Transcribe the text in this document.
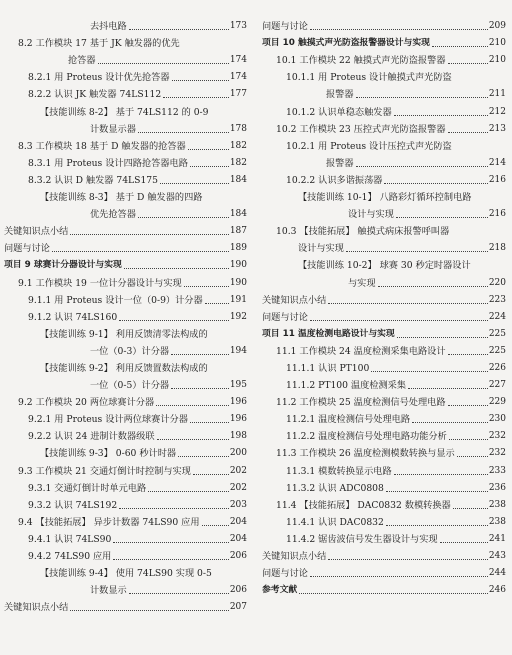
去抖电路	173
8.2 工作模块 17 基于 JK 触发器的优先
抢答器	174
8.2.1 用 Proteus 设计优先抢答器	174
8.2.2 认识 JK 触发器 74LS112	177
【技能训练 8-2】 基于 74LS112 的 0-9
计数显示器	178
8.3 工作模块 18 基于 D 触发器的抢答器	182
8.3.1 用 Proteus 设计四路抢答器电路	182
8.3.2 认识 D 触发器 74LS175	184
【技能训练 8-3】 基于 D 触发器的四路
优先抢答器	184
关键知识点小结	187
问题与讨论	189
项目 9 球赛计分器设计与实现	190
9.1 工作模块 19 一位计分器设计与实现	190
9.1.1 用 Proteus 设计一位（0-9）计分器	191
9.1.2 认识 74LS160	192
【技能训练 9-1】 利用反馈清零法构成的
一位（0-3）计分器	194
【技能训练 9-2】 利用反馈置数法构成的
一位（0-5）计分器	195
9.2 工作模块 20 两位球赛计分器	196
9.2.1 用 Proteus 设计两位球赛计分器	196
9.2.2 认识 24 进制计数器级联	198
【技能训练 9-3】 0-60 秒计时器	200
9.3 工作模块 21 交通灯倒计时控制与实现	202
9.3.1 交通灯倒计时单元电路	202
9.3.2 认识 74LS192	203
9.4 【技能拓展】 异步计数器 74LS90 应用	204
9.4.1 认识 74LS90	204
9.4.2 74LS90 应用	206
【技能训练 9-4】 使用 74LS90 实现 0-5
计数显示	206
关键知识点小结	207
问题与讨论	209
项目 10 触摸式声光防盗报警器设计与实现	210
10.1 工作模块 22 触摸式声光防盗报警器	210
10.1.1 用 Proteus 设计触摸式声光防盗
报警器	211
10.1.2 认识单稳态触发器	212
10.2 工作模块 23 压控式声光防盗报警器	213
10.2.1 用 Proteus 设计压控式声光防盗
报警器	214
10.2.2 认识多谐振荡器	216
【技能训练 10-1】 八路彩灯循环控制电路
设计与实现	216
10.3 【技能拓展】 触摸式病床报警呼叫器
设计与实现	218
【技能训练 10-2】 球赛 30 秒定时器设计
与实现	220
关键知识点小结	223
问题与讨论	224
项目 11 温度检测电路设计与实现	225
11.1 工作模块 24 温度检测采集电路设计	225
11.1.1 认识 PT100	226
11.1.2 PT100 温度检测采集	227
11.2 工作模块 25 温度检测信号处理电路	229
11.2.1 温度检测信号处理电路	230
11.2.2 温度检测信号处理电路功能分析	232
11.3 工作模块 26 温度检测模数转换与显示	232
11.3.1 模数转换显示电路	233
11.3.2 认识 ADC0808	236
11.4 【技能拓展】 DAC0832 数模转换器	238
11.4.1 认识 DAC0832	238
11.4.2 锯齿波信号发生器设计与实现	241
关键知识点小结	243
问题与讨论	244
参考文献	246
